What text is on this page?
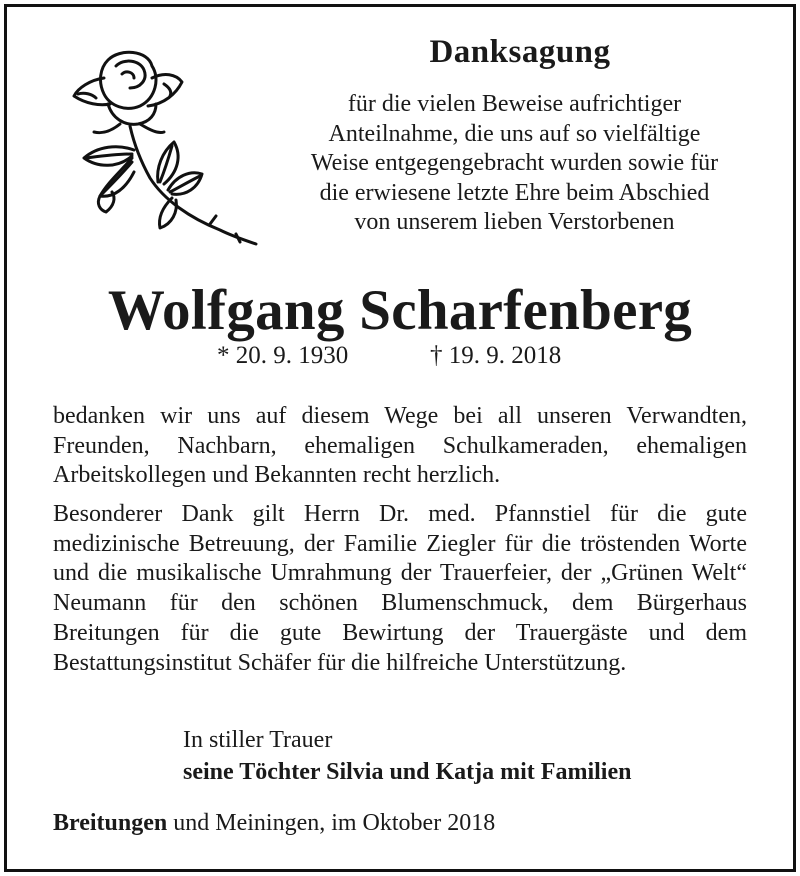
Danksagung
für die vielen Beweise aufrichtiger
Anteilnahme, die uns auf so vielfältige
Weise entgegengebracht wurden sowie für
die erwiesene letzte Ehre beim Abschied
von unserem lieben Verstorbenen
Wolfgang Scharfenberg
* 20. 9. 1930	† 19. 9. 2018
bedanken wir uns auf diesem Wege bei all unseren Verwandten, Freunden, Nachbarn, ehemaligen Schulkameraden, ehemaligen Arbeitskollegen und Bekannten recht herzlich.
Besonderer Dank gilt Herrn Dr. med. Pfannstiel für die gute medizinische Betreuung, der Familie Ziegler für die tröstenden Worte und die musikalische Umrahmung der Trauerfeier, der „Grünen Welt“ Neumann für den schönen Blumenschmuck, dem Bürgerhaus Breitungen für die gute Bewirtung der Trauergäste und dem Bestattungsinstitut Schäfer für die hilfreiche Unterstützung.
In stiller Trauer
seine Töchter Silvia und Katja mit Familien
Breitungen und Meiningen, im Oktober 2018
